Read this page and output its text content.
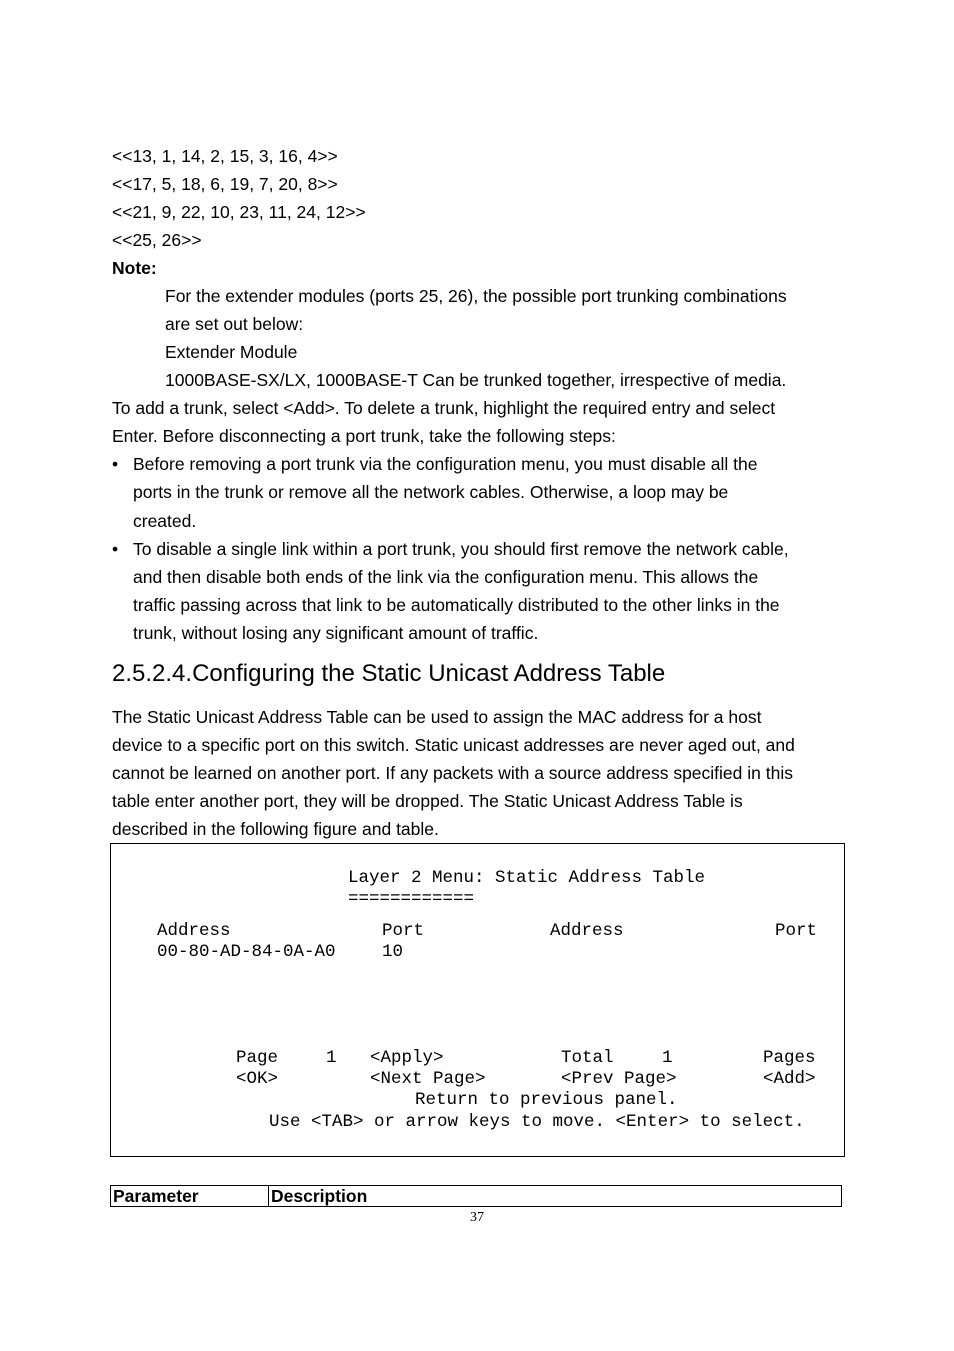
<<13, 1, 14, 2, 15, 3, 16, 4>>
<<17, 5, 18, 6, 19, 7, 20, 8>>
<<21, 9, 22, 10, 23, 11, 24, 12>>
<<25, 26>>
Note:
For the extender modules (ports 25, 26), the possible port trunking combinations
are set out below:
Extender Module
1000BASE-SX/LX, 1000BASE-T Can be trunked together, irrespective of media.
To add a trunk, select <Add>. To delete a trunk, highlight the required entry and select
Enter. Before disconnecting a port trunk, take the following steps:
• Before removing a port trunk via the configuration menu, you must disable all the
ports in the trunk or remove all the network cables. Otherwise, a loop may be
created.
• To disable a single link within a port trunk, you should first remove the network cable,
and then disable both ends of the link via the configuration menu. This allows the
traffic passing across that link to be automatically distributed to the other links in the
trunk, without losing any significant amount of traffic.
2.5.2.4.Configuring the Static Unicast Address Table
The Static Unicast Address Table can be used to assign the MAC address for a host
device to a specific port on this switch. Static unicast addresses are never aged out, and
cannot be learned on another port. If any packets with a source address specified in this
table enter another port, they will be dropped. The Static Unicast Address Table is
described in the following figure and table.
Layer 2 Menu: Static Address Table
============
Address	Port	Address	Port
00-80-AD-84-0A-A0	10
Page	1 <Apply>	Total	1	Pages
<OK>	<Next Page>	<Prev Page>	<Add>
Return to previous panel.
Use <TAB> or arrow keys to move. <Enter> to select.
Parameter	Description
37
